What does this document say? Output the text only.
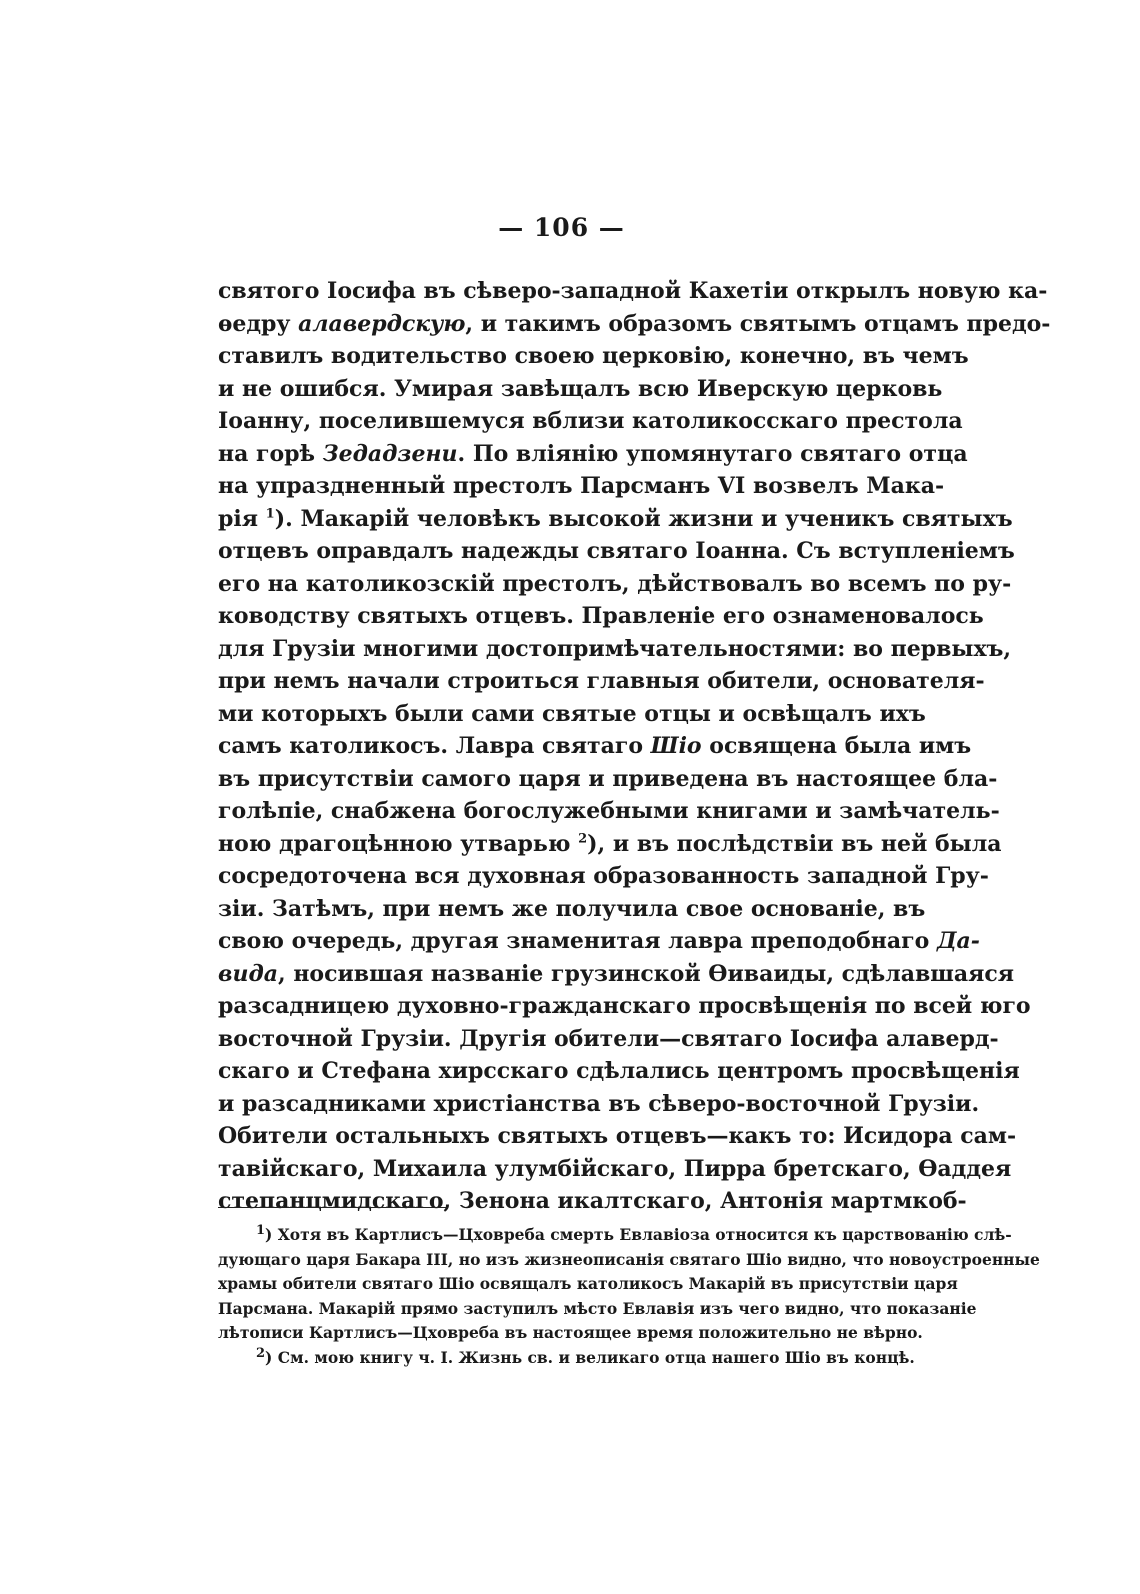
— 106 —
святого Іосифа въ сѣверо-западной Кахетіи открылъ новую ка-
ѳедру алавердскую, и такимъ образомъ святымъ отцамъ предо-
ставилъ водительство своею церковію, конечно, въ чемъ
и не ошибся. Умирая завѣщалъ всю Иверскую церковь
Іоанну, поселившемуся вблизи католикосскаго престола
на горѣ Зедадзени. По вліянію упомянутаго святаго отца
на упраздненный престолъ Парсманъ VI возвелъ Мака-
рія $^1$). Макарій человѣкъ высокой жизни и ученикъ святыхъ
отцевъ оправдалъ надежды святаго Іоанна. Съ вступленіемъ
его на католикозскій престолъ, дѣйствовалъ во всемъ по ру-
ководству святыхъ отцевъ. Правленіе его ознаменовалось
для Грузіи многими достопримѣчательностями: во первыхъ,
при немъ начали строиться главныя обители, основателя-
ми которыхъ были сами святые отцы и освѣщалъ ихъ
самъ католикосъ. Лавра святаго Шіо освящена была имъ
въ присутствіи самого царя и приведена въ настоящее бла-
голѣпіе, снабжена богослужебными книгами и замѣчатель-
ною драгоцѣнною утварью $^2$), и въ послѣдствіи въ ней была
сосредоточена вся духовная образованность западной Гру-
зіи. Затѣмъ, при немъ же получила свое основаніе, въ
свою очередь, другая знаменитая лавра преподобнаго Да-
вида, носившая названіе грузинской Ѳиваиды, сдѣлавшаяся
разсадницею духовно-гражданскаго просвѣщенія по всей юго
восточной Грузіи. Другія обители—святаго Іосифа алаверд-
скаго и Стефана хирсскаго сдѣлались центромъ просвѣщенія
и разсадниками христіанства въ сѣверо-восточной Грузіи.
Обители остальныхъ святыхъ отцевъ—какъ то: Исидора сам-
тавійскаго, Михаила улумбійскаго, Пирра бретскаго, Ѳаддея
степанцмидскаго, Зенона икалтскаго, Антонія мартмкоб-
$^1$) Хотя въ Картлисъ—Цховреба смерть Евлавіоза относится къ царствованію слѣ-
дующаго царя Бакара III, но изъ жизнеописанія святаго Шіо видно, что новоустроенные
храмы обители святаго Шіо освящалъ католикосъ Макарій въ присутствіи царя
Парсмана. Макарій прямо заступилъ мѣсто Евлавія изъ чего видно, что показаніе
лѣтописи Картлисъ—Цховреба въ настоящее время положительно не вѣрно.
$^2$) См. мою книгу ч. I. Жизнь св. и великаго отца нашего Шіо въ концѣ.
